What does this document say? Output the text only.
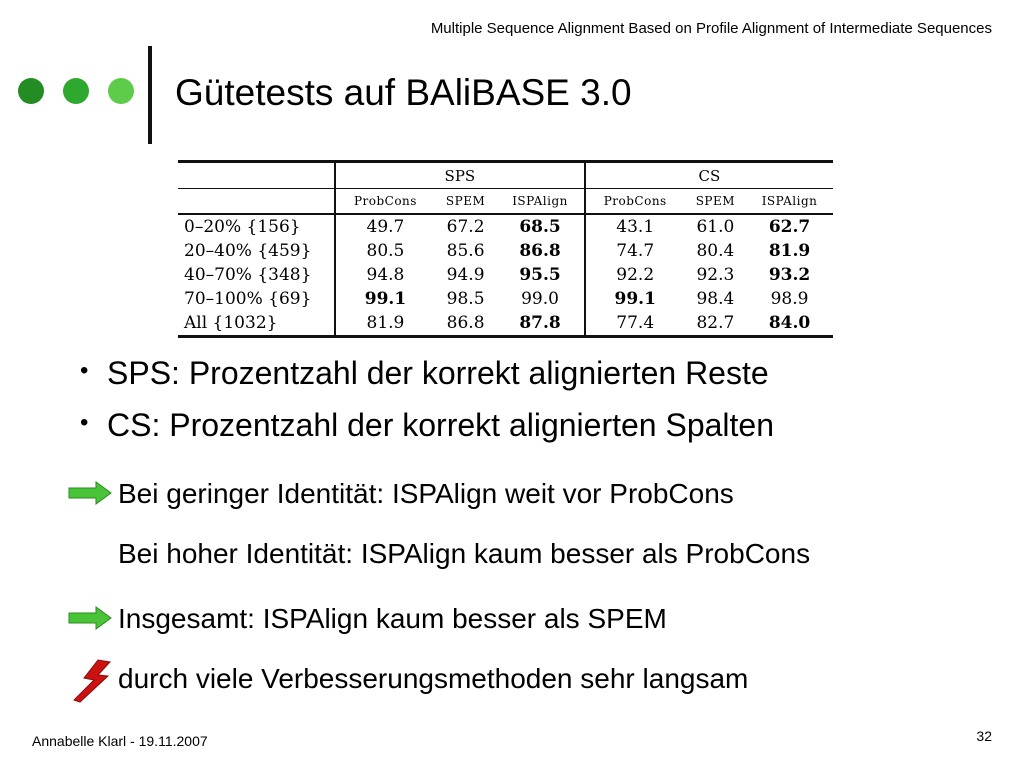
Multiple Sequence Alignment Based on Profile Alignment of Intermediate Sequences
Gütetests auf BAliBASE 3.0
	SPS			CS		
	ProbCons	SPEM	ISPAlign	ProbCons	SPEM	ISPAlign
0–20% {156}	49.7	67.2	68.5	43.1	61.0	62.7
20–40% {459}	80.5	85.6	86.8	74.7	80.4	81.9
40–70% {348}	94.8	94.9	95.5	92.2	92.3	93.2
70–100% {69}	99.1	98.5	99.0	99.1	98.4	98.9
All {1032}	81.9	86.8	87.8	77.4	82.7	84.0
• SPS: Prozentzahl der korrekt alignierten Reste
• CS: Prozentzahl der korrekt alignierten Spalten
Bei geringer Identität: ISPAlign weit vor ProbCons
Bei hoher Identität: ISPAlign kaum besser als ProbCons
Insgesamt: ISPAlign kaum besser als SPEM
durch viele Verbesserungsmethoden sehr langsam
Annabelle Klarl - 19.11.2007	32
